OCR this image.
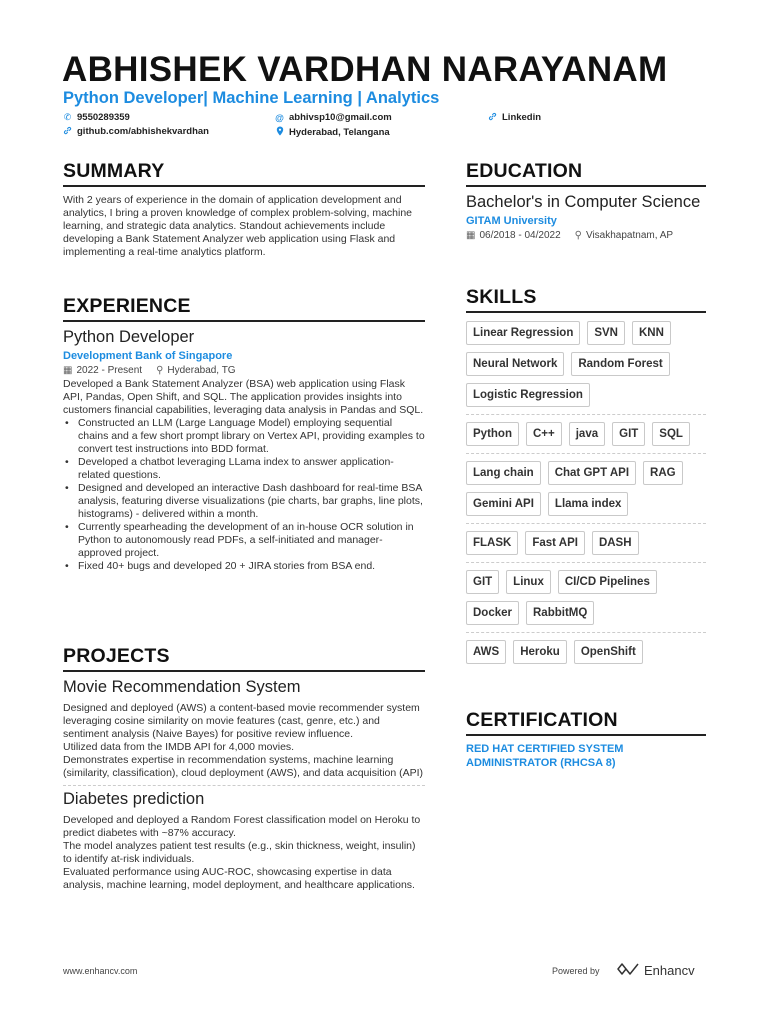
ABHISHEK VARDHAN NARAYANAM
Python Developer| Machine Learning | Analytics
✆ 9550289359	@ abhivsp10@gmail.com	Linkedin
github.com/abhishekvardhan	Hyderabad, Telangana
SUMMARY
With 2 years of experience in the domain of application development and analytics, I bring a proven knowledge of complex problem-solving, machine learning, and strategic data analytics. Standout achievements include developing a Bank Statement Analyzer web application using Flask and implementing a real-time analytics platform.
EXPERIENCE
Python Developer
Development Bank of Singapore
▦ 2022 - Present ⚲ Hyderabad, TG
Developed a Bank Statement Analyzer (BSA) web application using Flask API, Pandas, Open Shift, and SQL. The application provides insights into customers financial capabilities, leveraging data analysis in Pandas and SQL.
• Constructed an LLM (Large Language Model) employing sequential chains and a few short prompt library on Vertex API, providing examples to convert test instructions into BDD format.
• Developed a chatbot leveraging LLama index to answer application-related questions.
• Designed and developed an interactive Dash dashboard for real-time BSA analysis, featuring diverse visualizations (pie charts, bar graphs, line plots, histograms) - delivered within a month.
• Currently spearheading the development of an in-house OCR solution in Python to autonomously read PDFs, a self-initiated and manager-approved project.
• Fixed 40+ bugs and developed 20 + JIRA stories from BSA end.
PROJECTS
Movie Recommendation System
Designed and deployed (AWS) a content-based movie recommender system leveraging cosine similarity on movie features (cast, genre, etc.) and sentiment analysis (Naive Bayes) for positive review influence.
Utilized data from the IMDB API for 4,000 movies.
Demonstrates expertise in recommendation systems, machine learning (similarity, classification), cloud deployment (AWS), and data acquisition (API)
Diabetes prediction
Developed and deployed a Random Forest classification model on Heroku to predict diabetes with ~87% accuracy.
The model analyzes patient test results (e.g., skin thickness, weight, insulin) to identify at-risk individuals.
Evaluated performance using AUC-ROC, showcasing expertise in data analysis, machine learning, model deployment, and healthcare applications.
EDUCATION
Bachelor's in Computer Science
GITAM University
▦ 06/2018 - 04/2022 ⚲ Visakhapatnam, AP
SKILLS
Linear Regression	SVN	KNN
Neural Network	Random Forest
Logistic Regression
Python	C++	java	GIT	SQL
Lang chain	Chat GPT API	RAG
Gemini API	Llama index
FLASK	Fast API	DASH
GIT	Linux	CI/CD Pipelines
Docker	RabbitMQ
AWS	Heroku	OpenShift
CERTIFICATION
RED HAT CERTIFIED SYSTEM ADMINISTRATOR (RHCSA 8)
www.enhancv.com	Powered by	Enhancv
